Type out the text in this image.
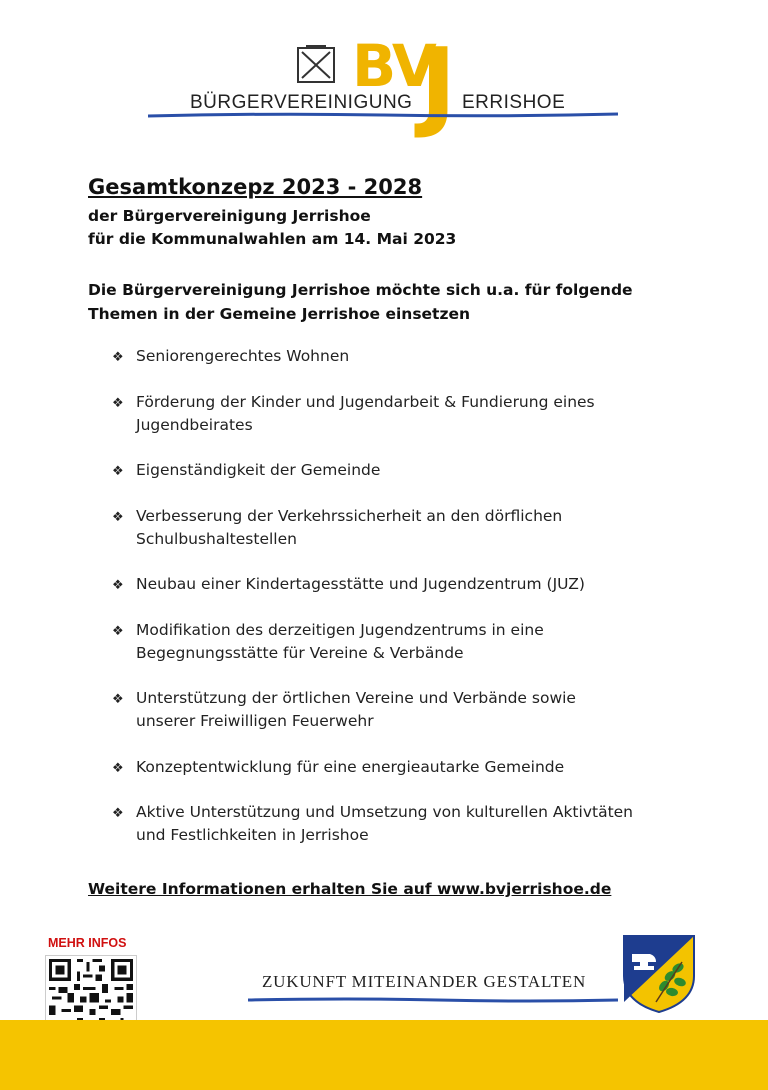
BV
J
BÜRGERVEREINIGUNG	ERRISHOE
Gesamtkonzepz 2023 - 2028
der Bürgervereinigung Jerrishoe
für die Kommunalwahlen am 14. Mai 2023
Die Bürgervereinigung Jerrishoe möchte sich u.a. für folgende Themen in der Gemeine Jerrishoe einsetzen
❖ Seniorengerechtes Wohnen
❖ Förderung der Kinder und Jugendarbeit & Fundierung eines
Jugendbeirates
❖ Eigenständigkeit der Gemeinde
❖ Verbesserung der Verkehrssicherheit an den dörflichen
Schulbushaltestellen
❖ Neubau einer Kindertagesstätte und Jugendzentrum (JUZ)
❖ Modifikation des derzeitigen Jugendzentrums in eine
Begegnungsstätte für Vereine & Verbände
❖ Unterstützung der örtlichen Vereine und Verbände sowie
unserer Freiwilligen Feuerwehr
❖ Konzeptentwicklung für eine energieautarke Gemeinde
❖ Aktive Unterstützung und Umsetzung von kulturellen Aktivtäten
und Festlichkeiten in Jerrishoe
Weitere Informationen erhalten Sie auf www.bvjerrishoe.de
MEHR INFOS
ZUKUNFT MITEINANDER GESTALTEN
